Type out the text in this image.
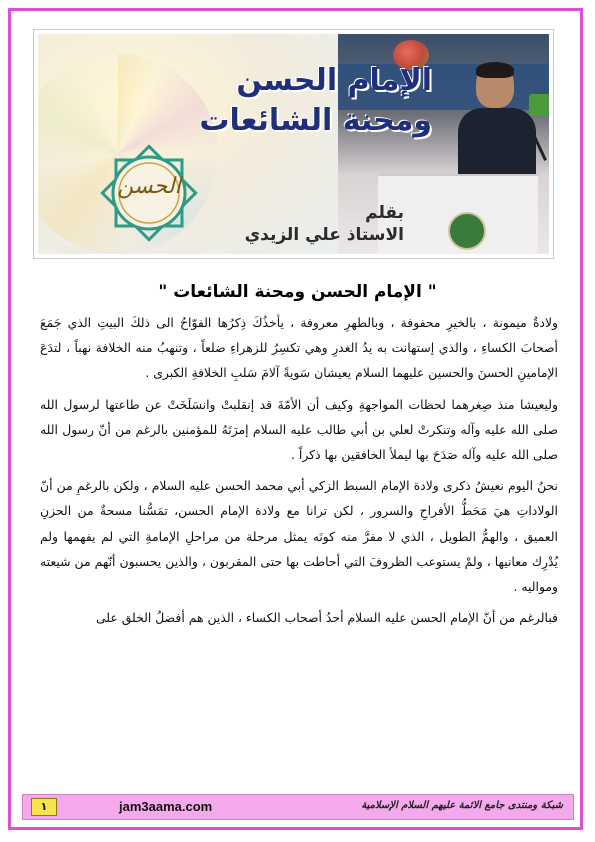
الحسن
الإمام الحسن
ومحنة الشائعات
بقلم
الاستاذ علي الزيدي
" الإمام الحسن ومحنة الشائعات "

ولادةٌ ميمونة ، بالخيرِ محفوفة ، وبالطهرِ معروفة ، يأخذُكَ ذِكرُها الفوّاحُ الى ذلكَ البيتِ الذي جَمَعَ أصحابَ الكساءِ ، والذي إستهانت به يدُ الغدرِ وهي تكسِرُ للزهراءِ ضلعاً ، وتنهبُ منه الخلافة نهباً ، لتدَعَ الإمامينِ الحسنَ والحسين عليهما السلام يعيشان سَويةً آلامَ سَلبِ الخلافةِ الكبرى .

وليعيشا منذ صِغرهما لحظات المواجهةِ وكيف أن الأمّةَ قد إنقلبتْ وانسَلَخَتْ عن طاعتها لرسول الله صلى الله عليه وآله وتنكرتْ لعلي بن أبي طالب عليه السلام إمرَتَهُ للمؤمنين بالرغم من أنّ رسول الله صلى الله عليه وآله صَدَحَ بها ليملأ الخافقين بها ذكراً .

نحنُ اليوم نعيشُ ذكرى ولادة الإمام السبط الزكي أبي محمد الحسن عليه السلام ، ولكن بالرغمِ من أنّ الولاداتِ هيَ مَحَطُّ الأفراحِ والسرور ، لكن ترانا مع ولادة الإمام الحسن، تمَسُّنا مسحةٌ من الحزنِ العميق ، والهمُّ الطويل ، الذي لا مفرَّ منه كونَه يمثل مرحلة من مراحلِ الإمامةِ التي لم يفهمها ولم يُدْرِك معانيها ، ولمْ يستوعب الظروفَ التي أحاطت بها حتى المقربون ، والذين يحسبون أنّهم من شيعته ومواليه .

فبالرغم من أنّ الإمام الحسن عليه السلام أحدُ أصحاب الكساء ، الذين هم أفضلُ الخلق على

١	jam3aama.com	شبكة ومنتدى جامع الائمة عليهم السلام الإسلامية
